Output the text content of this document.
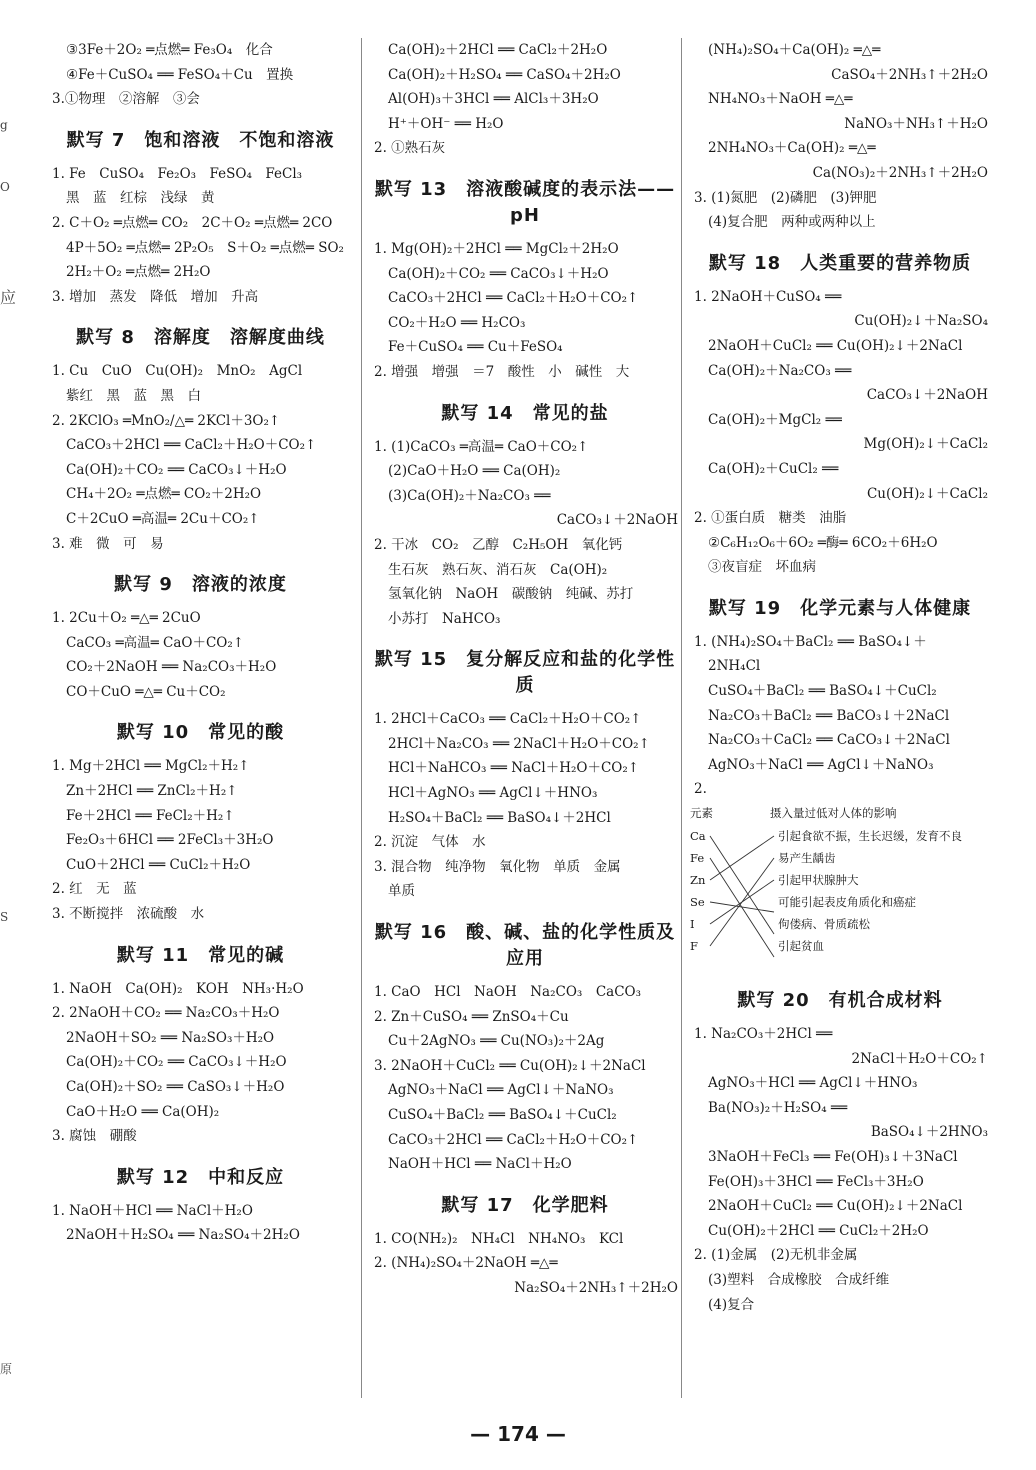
g
O
应
S
原
③3Fe＋2O₂ ═点燃═ Fe₃O₄　化合
④Fe＋CuSO₄ ══ FeSO₄＋Cu　置换
3.①物理　②溶解　③会
默写 7　饱和溶液　不饱和溶液
1. Fe　CuSO₄　Fe₂O₃　FeSO₄　FeCl₃
黑　蓝　红棕　浅绿　黄
2. C＋O₂ ═点燃═ CO₂　2C＋O₂ ═点燃═ 2CO
4P＋5O₂ ═点燃═ 2P₂O₅　S＋O₂ ═点燃═ SO₂
2H₂＋O₂ ═点燃═ 2H₂O
3. 增加　蒸发　降低　增加　升高
默写 8　溶解度　溶解度曲线
1. Cu　CuO　Cu(OH)₂　MnO₂　AgCl
紫红　黑　蓝　黑　白
2. 2KClO₃ ═MnO₂/△═ 2KCl＋3O₂↑
CaCO₃＋2HCl ══ CaCl₂＋H₂O＋CO₂↑
Ca(OH)₂＋CO₂ ══ CaCO₃↓＋H₂O
CH₄＋2O₂ ═点燃═ CO₂＋2H₂O
C＋2CuO ═高温═ 2Cu＋CO₂↑
3. 难　微　可　易
默写 9　溶液的浓度
1. 2Cu＋O₂ ═△═ 2CuO
CaCO₃ ═高温═ CaO＋CO₂↑
CO₂＋2NaOH ══ Na₂CO₃＋H₂O
CO＋CuO ═△═ Cu＋CO₂
默写 10　常见的酸
1. Mg＋2HCl ══ MgCl₂＋H₂↑
Zn＋2HCl ══ ZnCl₂＋H₂↑
Fe＋2HCl ══ FeCl₂＋H₂↑
Fe₂O₃＋6HCl ══ 2FeCl₃＋3H₂O
CuO＋2HCl ══ CuCl₂＋H₂O
2. 红　无　蓝
3. 不断搅拌　浓硫酸　水
默写 11　常见的碱
1. NaOH　Ca(OH)₂　KOH　NH₃·H₂O
2. 2NaOH＋CO₂ ══ Na₂CO₃＋H₂O
2NaOH＋SO₂ ══ Na₂SO₃＋H₂O
Ca(OH)₂＋CO₂ ══ CaCO₃↓＋H₂O
Ca(OH)₂＋SO₂ ══ CaSO₃↓＋H₂O
CaO＋H₂O ══ Ca(OH)₂
3. 腐蚀　硼酸
默写 12　中和反应
1. NaOH＋HCl ══ NaCl＋H₂O
2NaOH＋H₂SO₄ ══ Na₂SO₄＋2H₂O
Ca(OH)₂＋2HCl ══ CaCl₂＋2H₂O
Ca(OH)₂＋H₂SO₄ ══ CaSO₄＋2H₂O
Al(OH)₃＋3HCl ══ AlCl₃＋3H₂O
H⁺＋OH⁻ ══ H₂O
2. ①熟石灰
默写 13　溶液酸碱度的表示法—— pH
1. Mg(OH)₂＋2HCl ══ MgCl₂＋2H₂O
Ca(OH)₂＋CO₂ ══ CaCO₃↓＋H₂O
CaCO₃＋2HCl ══ CaCl₂＋H₂O＋CO₂↑
CO₂＋H₂O ══ H₂CO₃
Fe＋CuSO₄ ══ Cu＋FeSO₄
2. 增强　增强　＝7　酸性　小　碱性　大
默写 14　常见的盐
1. (1)CaCO₃ ═高温═ CaO＋CO₂↑
(2)CaO＋H₂O ══ Ca(OH)₂
(3)Ca(OH)₂＋Na₂CO₃ ══
CaCO₃↓＋2NaOH
2. 干冰　CO₂　乙醇　C₂H₅OH　氧化钙
生石灰　熟石灰、消石灰　Ca(OH)₂
氢氧化钠　NaOH　碳酸钠　纯碱、苏打
小苏打　NaHCO₃
默写 15　复分解反应和盐的化学性质
1. 2HCl＋CaCO₃ ══ CaCl₂＋H₂O＋CO₂↑
2HCl＋Na₂CO₃ ══ 2NaCl＋H₂O＋CO₂↑
HCl＋NaHCO₃ ══ NaCl＋H₂O＋CO₂↑
HCl＋AgNO₃ ══ AgCl↓＋HNO₃
H₂SO₄＋BaCl₂ ══ BaSO₄↓＋2HCl
2. 沉淀　气体　水
3. 混合物　纯净物　氧化物　单质　金属
单质
默写 16　酸、碱、盐的化学性质及应用
1. CaO　HCl　NaOH　Na₂CO₃　CaCO₃
2. Zn＋CuSO₄ ══ ZnSO₄＋Cu
Cu＋2AgNO₃ ══ Cu(NO₃)₂＋2Ag
3. 2NaOH＋CuCl₂ ══ Cu(OH)₂↓＋2NaCl
AgNO₃＋NaCl ══ AgCl↓＋NaNO₃
CuSO₄＋BaCl₂ ══ BaSO₄↓＋CuCl₂
CaCO₃＋2HCl ══ CaCl₂＋H₂O＋CO₂↑
NaOH＋HCl ══ NaCl＋H₂O
默写 17　化学肥料
1. CO(NH₂)₂　NH₄Cl　NH₄NO₃　KCl
2. (NH₄)₂SO₄＋2NaOH ═△═
Na₂SO₄＋2NH₃↑＋2H₂O
(NH₄)₂SO₄＋Ca(OH)₂ ═△═
CaSO₄＋2NH₃↑＋2H₂O
NH₄NO₃＋NaOH ═△═
NaNO₃＋NH₃↑＋H₂O
2NH₄NO₃＋Ca(OH)₂ ═△═
Ca(NO₃)₂＋2NH₃↑＋2H₂O
3. (1)氮肥　(2)磷肥　(3)钾肥
(4)复合肥　两种或两种以上
默写 18　人类重要的营养物质
1. 2NaOH＋CuSO₄ ══
Cu(OH)₂↓＋Na₂SO₄
2NaOH＋CuCl₂ ══ Cu(OH)₂↓＋2NaCl
Ca(OH)₂＋Na₂CO₃ ══
CaCO₃↓＋2NaOH
Ca(OH)₂＋MgCl₂ ══
Mg(OH)₂↓＋CaCl₂
Ca(OH)₂＋CuCl₂ ══
Cu(OH)₂↓＋CaCl₂
2. ①蛋白质　糖类　油脂
②C₆H₁₂O₆＋6O₂ ═酶═ 6CO₂＋6H₂O
③夜盲症　坏血病
默写 19　化学元素与人体健康
1. (NH₄)₂SO₄＋BaCl₂ ══ BaSO₄↓＋
2NH₄Cl
CuSO₄＋BaCl₂ ══ BaSO₄↓＋CuCl₂
Na₂CO₃＋BaCl₂ ══ BaCO₃↓＋2NaCl
Na₂CO₃＋CaCl₂ ══ CaCO₃↓＋2NaCl
AgNO₃＋NaCl ══ AgCl↓＋NaNO₃
2.
元素	摄入量过低对人体的影响
Ca
Fe
Zn
Se
I
F
引起食欲不振，生长迟缓，发育不良
易产生龋齿
引起甲状腺肿大
可能引起表皮角质化和癌症
佝偻病、骨质疏松
引起贫血
默写 20　有机合成材料
1. Na₂CO₃＋2HCl ══
2NaCl＋H₂O＋CO₂↑
AgNO₃＋HCl ══ AgCl↓＋HNO₃
Ba(NO₃)₂＋H₂SO₄ ══
BaSO₄↓＋2HNO₃
3NaOH＋FeCl₃ ══ Fe(OH)₃↓＋3NaCl
Fe(OH)₃＋3HCl ══ FeCl₃＋3H₂O
2NaOH＋CuCl₂ ══ Cu(OH)₂↓＋2NaCl
Cu(OH)₂＋2HCl ══ CuCl₂＋2H₂O
2. (1)金属　(2)无机非金属
(3)塑料　合成橡胶　合成纤维
(4)复合
— 174 —
